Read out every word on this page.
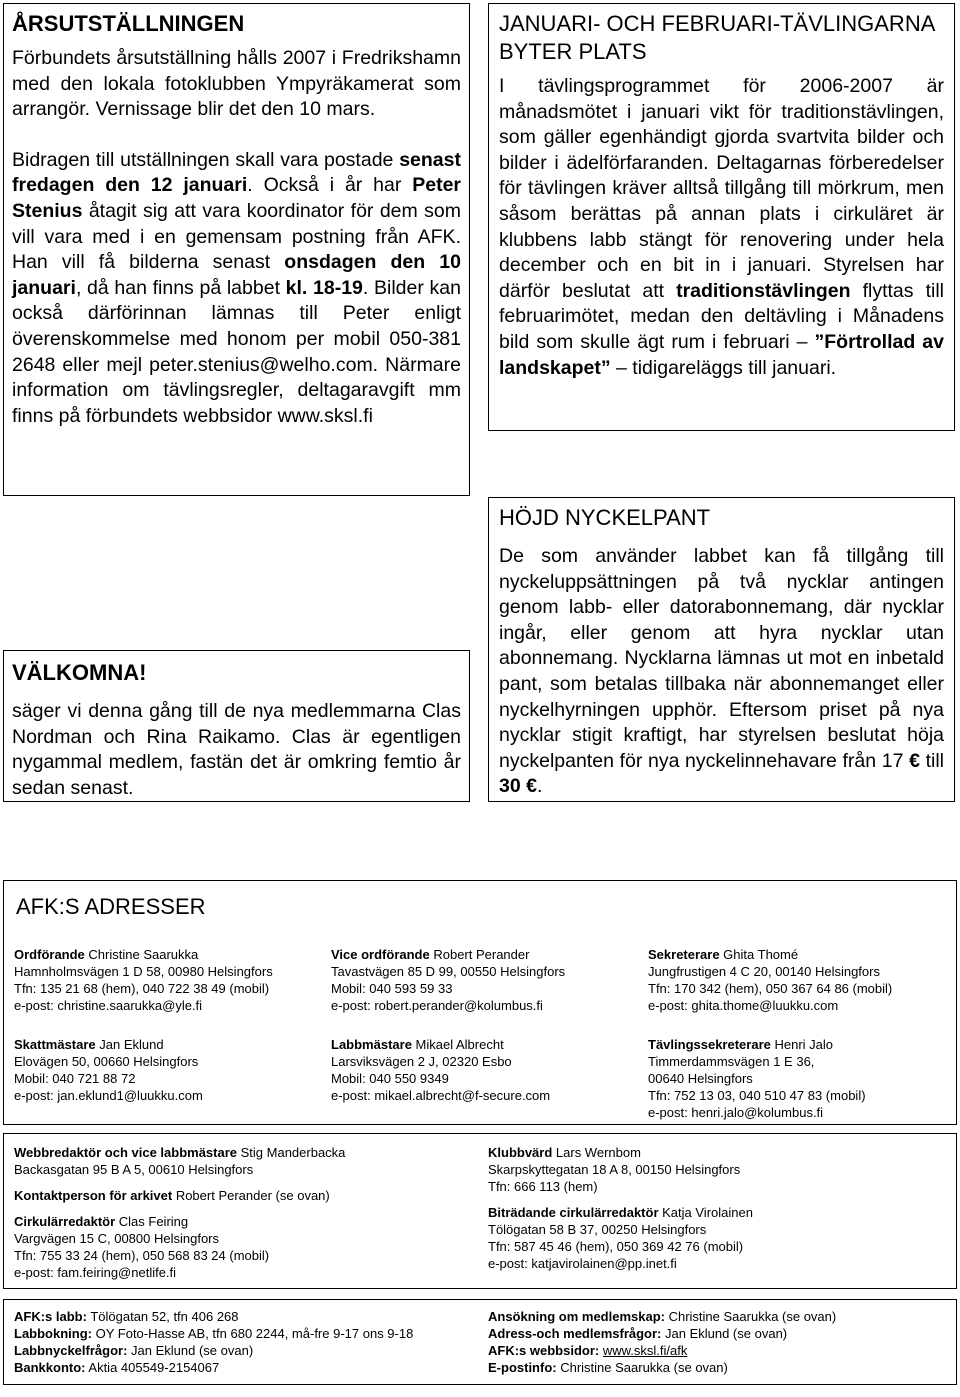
ÅRSUTSTÄLLNINGEN

Förbundets årsutställning hålls 2007 i Fredrikshamn med den lokala fotoklubben Ympyräkamerat som arrangör. Vernissage blir det den 10 mars.

Bidragen till utställningen skall vara postade senast fredagen den 12 januari. Också i år har Peter Stenius åtagit sig att vara koordinator för dem som vill vara med i en gemensam postning från AFK. Han vill få bilderna senast onsdagen den 10 januari, då han finns på labbet kl. 18-19. Bilder kan också därförinnan lämnas till Peter enligt överenskommelse med honom per mobil 050-381 2648 eller mejl peter.stenius@welho.com. Närmare information om tävlingsregler, deltagaravgift mm finns på förbundets webbsidor www.sksl.fi

VÄLKOMNA!

säger vi denna gång till de nya medlemmarna Clas Nordman och Rina Raikamo. Clas är egentligen nygammal medlem, fastän det är omkring femtio år sedan senast.

JANUARI- OCH FEBRUARI-TÄVLINGARNA BYTER PLATS

I tävlingsprogrammet för 2006-2007 är månadsmötet i januari vikt för traditionstävlingen, som gäller egenhändigt gjorda svartvita bilder och bilder i ädelförfaranden. Deltagarnas förberedelser för tävlingen kräver alltså tillgång till mörkrum, men såsom berättas på annan plats i cirkuläret är klubbens labb stängt för renovering under hela december och en bit in i januari. Styrelsen har därför beslutat att traditionstävlingen flyttas till februarimötet, medan den deltävling i Månadens bild som skulle ägt rum i februari – ”Förtrollad av landskapet” – tidigareläggs till januari.

HÖJD NYCKELPANT

De som använder labbet kan få tillgång till nyckeluppsättningen på två nycklar antingen genom labb- eller datorabonnemang, där nycklar ingår, eller genom att hyra nycklar utan abonnemang. Nycklarna lämnas ut mot en inbetald pant, som betalas tillbaka när abonnemanget eller nyckelhyrningen upphör. Eftersom priset på nya nycklar stigit kraftigt, har styrelsen beslutat höja nyckelpanten för nya nyckelinnehavare från 17 € till 30 €.

AFK:S ADRESSER

Ordförande Christine Saarukka

Hamnholmsvägen 1 D 58, 00980 Helsingfors

Tfn: 135 21 68 (hem), 040 722 38 49 (mobil)

e-post: christine.saarukka@yle.fi

Vice ordförande Robert Perander

Tavastvägen 85 D 99, 00550 Helsingfors

Mobil: 040 593 59 33

e-post: robert.perander@kolumbus.fi

Sekreterare Ghita Thomé

Jungfrustigen 4 C 20, 00140 Helsingfors

Tfn: 170 342 (hem), 050 367 64 86 (mobil)

e-post: ghita.thome@luukku.com

Skattmästare Jan Eklund

Elovägen 50, 00660 Helsingfors

Mobil: 040 721 88 72

e-post: jan.eklund1@luukku.com

Labbmästare Mikael Albrecht

Larsviksvägen 2 J, 02320 Esbo

Mobil: 040 550 9349

e-post: mikael.albrecht@f-secure.com

Tävlingssekreterare Henri Jalo

Timmerdammsvägen 1 E 36,

00640 Helsingfors

Tfn: 752 13 03, 040 510 47 83 (mobil)

e-post: henri.jalo@kolumbus.fi

Webbredaktör och vice labbmästare Stig Manderbacka

Backasgatan 95 B A 5, 00610 Helsingfors

Kontaktperson för arkivet Robert Perander (se ovan)

Cirkulärredaktör Clas Feiring

Vargvägen 15 C, 00800 Helsingfors

Tfn: 755 33 24 (hem), 050 568 83 24 (mobil)

e-post: fam.feiring@netlife.fi

Klubbvärd Lars Wernbom

Skarpskyttegatan 18 A 8, 00150 Helsingfors

Tfn: 666 113 (hem)

Biträdande cirkulärredaktör Katja Virolainen

Tölögatan 58 B 37, 00250 Helsingfors

Tfn: 587 45 46 (hem), 050 369 42 76 (mobil)

e-post: katjavirolainen@pp.inet.fi

AFK:s labb: Tölögatan 52, tfn 406 268

Labbokning: OY Foto-Hasse AB, tfn 680 2244, må-fre 9-17 ons 9-18

Labbnyckelfrågor: Jan Eklund (se ovan)

Bankkonto: Aktia 405549-2154067

Ansökning om medlemskap: Christine Saarukka (se ovan)

Adress-och medlemsfrågor: Jan Eklund (se ovan)

AFK:s webbsidor: www.sksl.fi/afk

E-postinfo: Christine Saarukka (se ovan)
